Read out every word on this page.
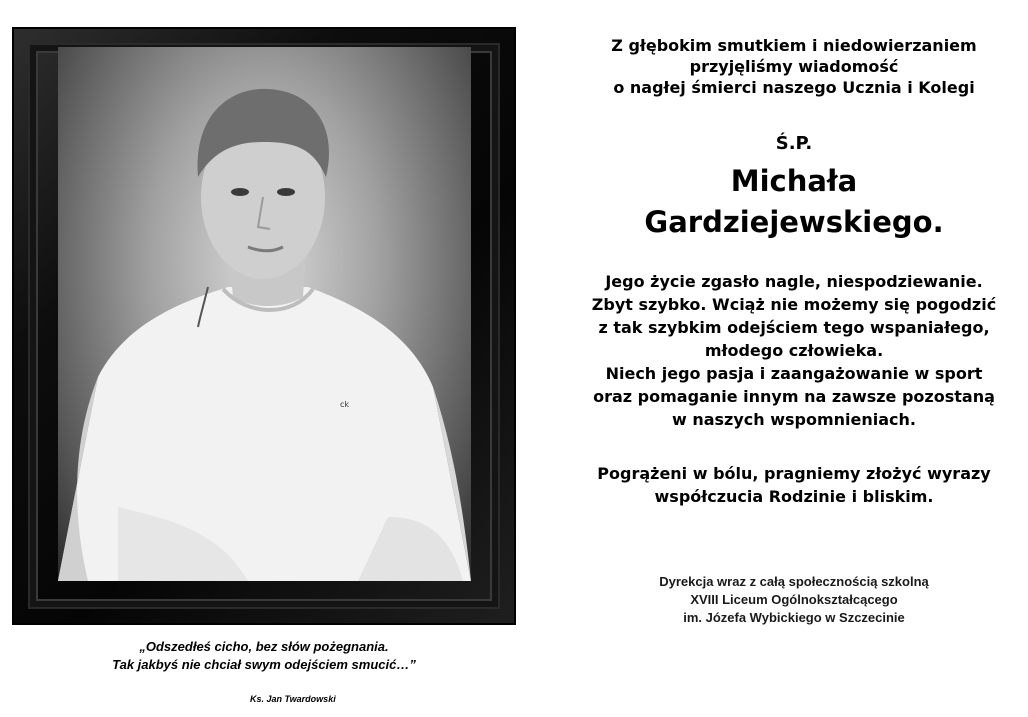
ck
„Odszedłeś cicho, bez słów pożegnania.
Tak jakbyś nie chciał swym odejściem smucić…”
Ks. Jan Twardowski
Z głębokim smutkiem i niedowierzaniem
przyjęliśmy wiadomość
o nagłej śmierci naszego Ucznia i Kolegi
Ś.P.
Michała
Gardziejewskiego.
Jego życie zgasło nagle, niespodziewanie.
Zbyt szybko. Wciąż nie możemy się pogodzić
z tak szybkim odejściem tego wspaniałego,
młodego człowieka.
Niech jego pasja i zaangażowanie w sport
oraz pomaganie innym na zawsze pozostaną
w naszych wspomnieniach.
Pogrążeni w bólu, pragniemy złożyć wyrazy
współczucia Rodzinie i bliskim.
Dyrekcja wraz z całą społecznością szkolną
XVIII Liceum Ogólnokształcącego
im. Józefa Wybickiego w Szczecinie
